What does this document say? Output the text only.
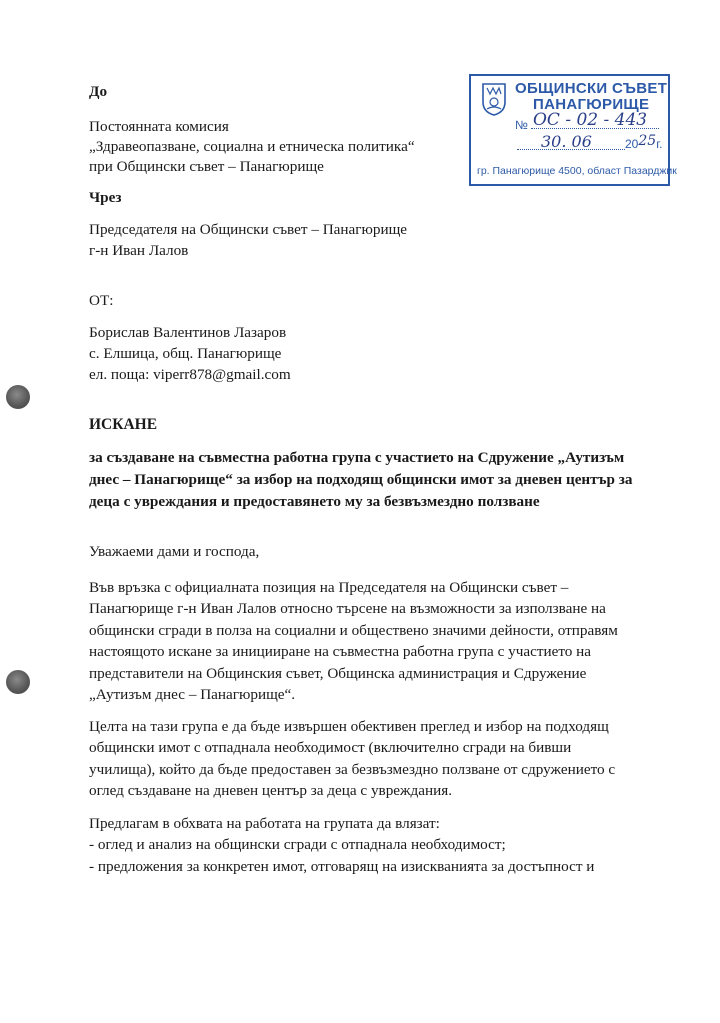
До
Постоянната комисия
„Здравеопазване, социална и етническа политика“
при Общински съвет – Панагюрище
Чрез
Председателя на Общински съвет – Панагюрище
г-н Иван Лалов
ОТ:
Борислав Валентинов Лазаров
с. Елшица, общ. Панагюрище
ел. поща: viperr878@gmail.com
ОБЩИНСКИ СЪВЕТ
ПАНАГЮРИЩЕ
№ ОС - 02 - 443
30. 06	2025г.
гр. Панагюрище 4500, област Пазарджик
ИСКАНЕ
за създаване на съвместна работна група с участието на Сдружение „Аутизъм
днес – Панагюрище“ за избор на подходящ общински имот за дневен център за
деца с увреждания и предоставянето му за безвъзмездно ползване
Уважаеми дами и господа,
Във връзка с официалната позиция на Председателя на Общински съвет –
Панагюрище г-н Иван Лалов относно търсене на възможности за използване на
общински сгради в полза на социални и обществено значими дейности, отправям
настоящото искане за иницииране на съвместна работна група с участието на
представители на Общинския съвет, Общинска администрация и Сдружение
„Аутизъм днес – Панагюрище“.
Целта на тази група е да бъде извършен обективен преглед и избор на подходящ
общински имот с отпаднала необходимост (включително сгради на бивши
училища), който да бъде предоставен за безвъзмездно ползване от сдружението с
оглед създаване на дневен център за деца с увреждания.
Предлагам в обхвата на работата на групата да влязат:
- оглед и анализ на общински сгради с отпаднала необходимост;
- предложения за конкретен имот, отговарящ на изискванията за достъпност и
